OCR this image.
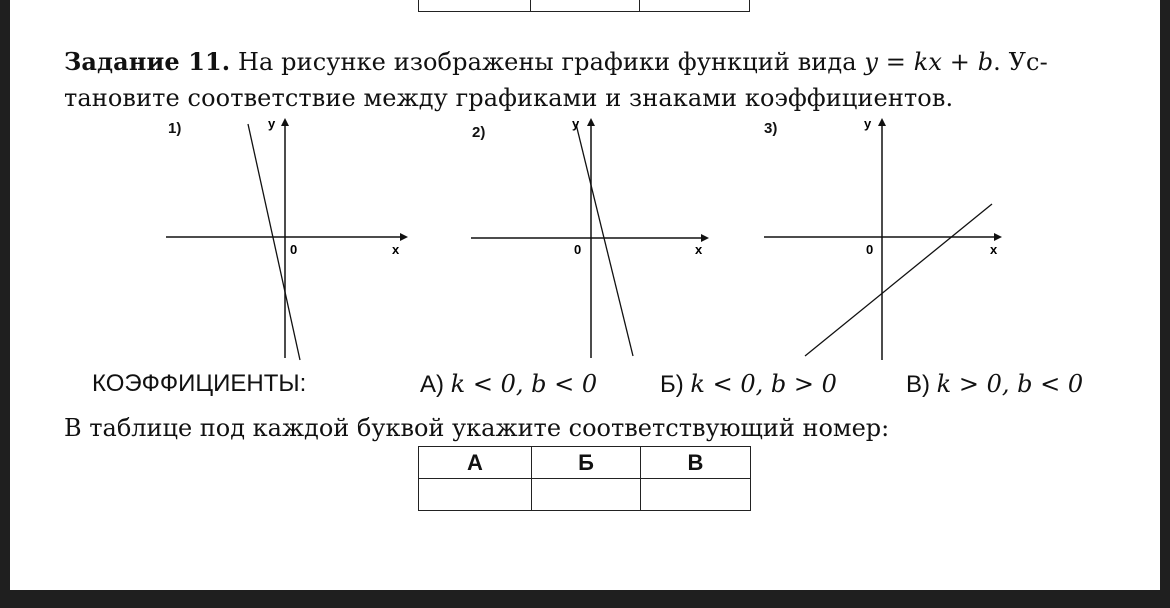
Задание 11. На рисунке изображены графики функций вида y = kx + b. Ус-
тановите соответствие между графиками и знаками коэффициентов.
1)	y
0	x
2)
y
0	x
3)	y
0	x
КОЭФФИЦИЕНТЫ:	А) k < 0, b < 0	Б) k < 0, b > 0	В) k > 0, b < 0
В таблице под каждой буквой укажите соответствующий номер:
А	Б	В
